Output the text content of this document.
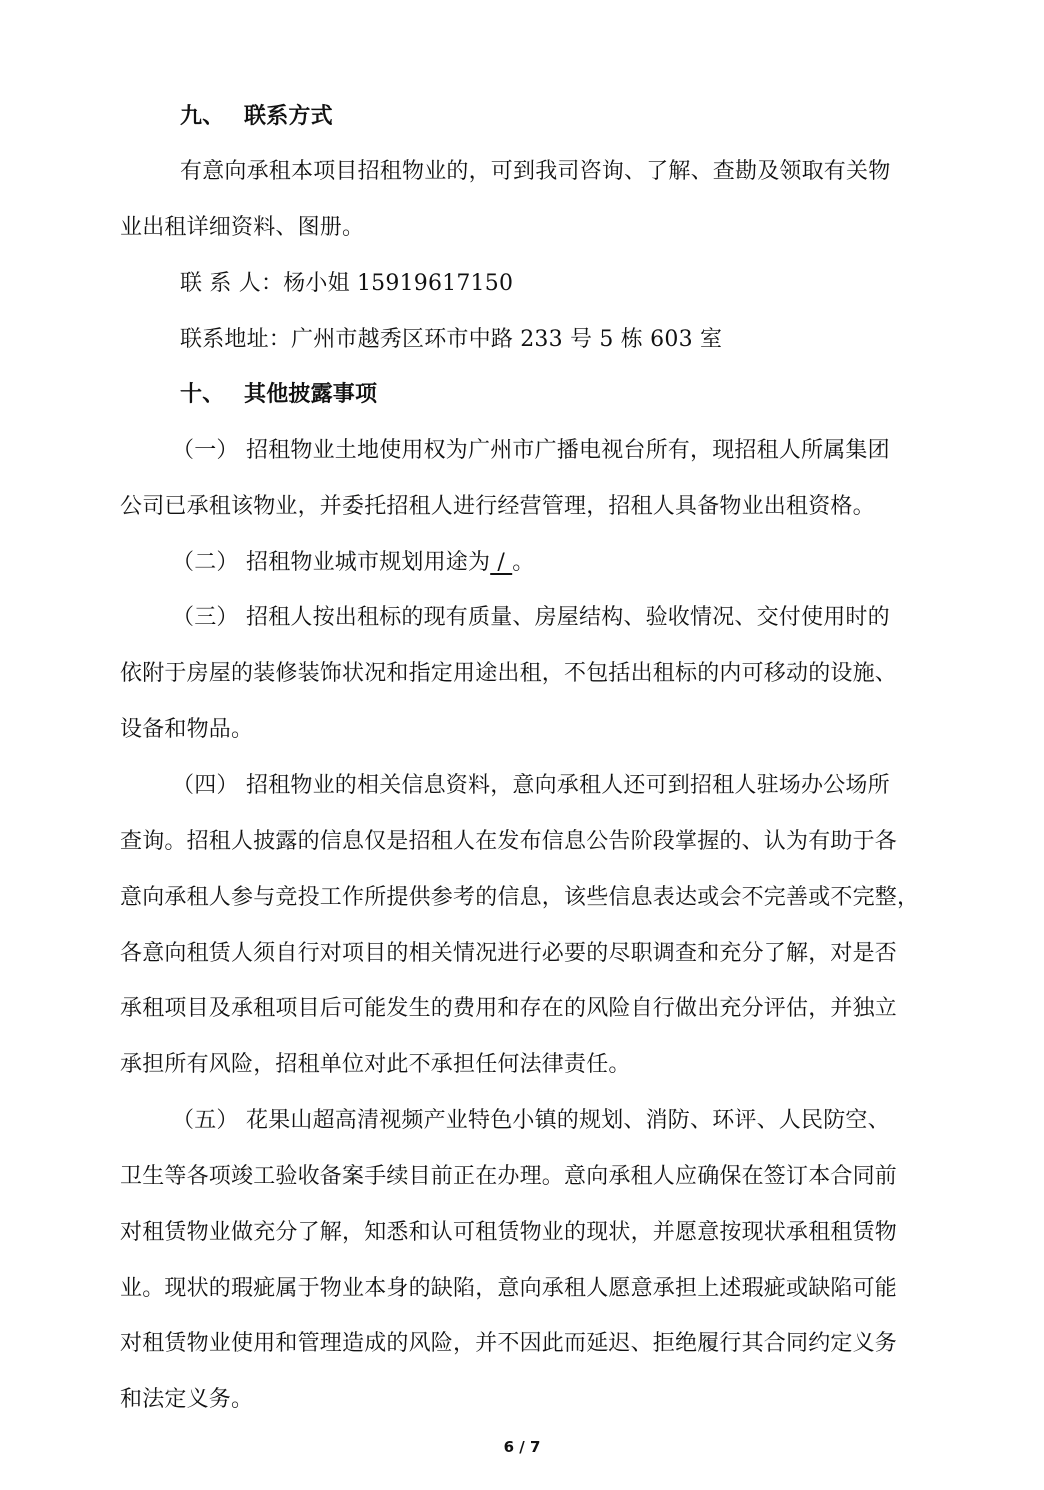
九、 联系方式
有意向承租本项目招租物业的，可到我司咨询、了解、查勘及领取有关物
业出租详细资料、图册。
联 系 人：杨小姐 15919617150
联系地址：广州市越秀区环市中路 233 号 5 栋 603 室
十、 其他披露事项
（一） 招租物业土地使用权为广州市广播电视台所有，现招租人所属集团
公司已承租该物业，并委托招租人进行经营管理，招租人具备物业出租资格。
（二） 招租物业城市规划用途为 / 。
（三） 招租人按出租标的现有质量、房屋结构、验收情况、交付使用时的
依附于房屋的装修装饰状况和指定用途出租，不包括出租标的内可移动的设施、
设备和物品。
（四） 招租物业的相关信息资料，意向承租人还可到招租人驻场办公场所
查询。招租人披露的信息仅是招租人在发布信息公告阶段掌握的、认为有助于各
意向承租人参与竞投工作所提供参考的信息，该些信息表达或会不完善或不完整，
各意向租赁人须自行对项目的相关情况进行必要的尽职调查和充分了解，对是否
承租项目及承租项目后可能发生的费用和存在的风险自行做出充分评估，并独立
承担所有风险，招租单位对此不承担任何法律责任。
（五） 花果山超高清视频产业特色小镇的规划、消防、环评、人民防空、
卫生等各项竣工验收备案手续目前正在办理。意向承租人应确保在签订本合同前
对租赁物业做充分了解，知悉和认可租赁物业的现状，并愿意按现状承租租赁物
业。现状的瑕疵属于物业本身的缺陷，意向承租人愿意承担上述瑕疵或缺陷可能
对租赁物业使用和管理造成的风险，并不因此而延迟、拒绝履行其合同约定义务
和法定义务。
6 / 7
